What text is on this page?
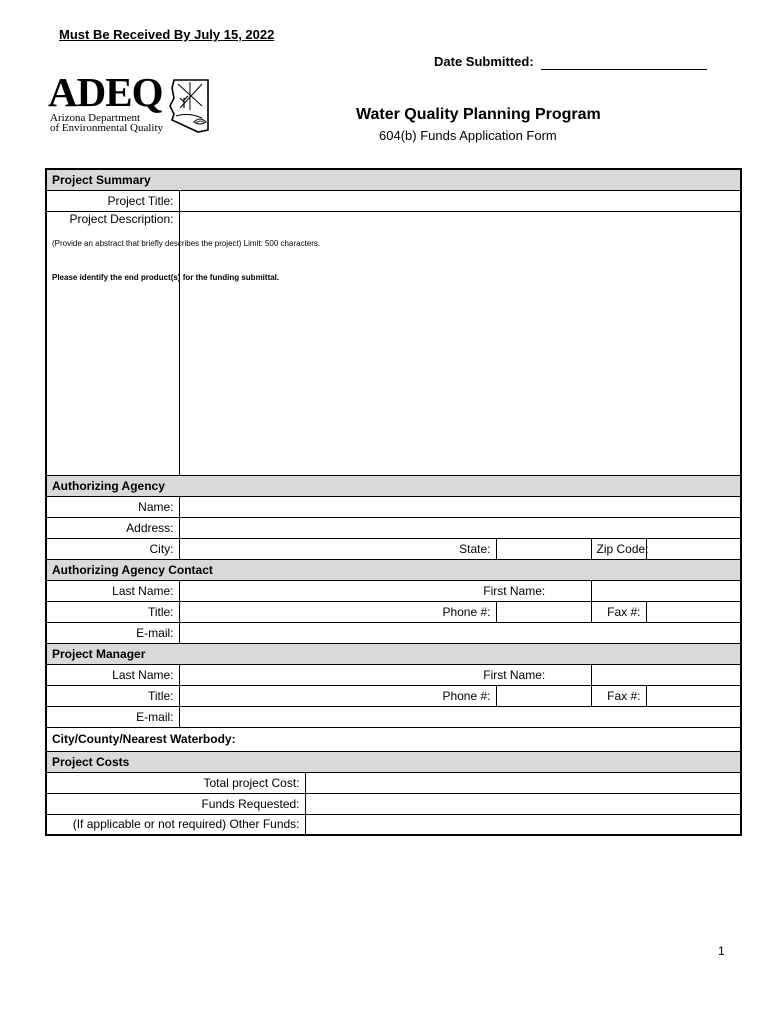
Must Be Received By July 15, 2022
Date Submitted:
ADEQ
Arizona Department
of Environmental Quality
Water Quality Planning Program
604(b) Funds Application Form
Project Summary							
Project Title:							

Project Description:
(Provide an abstract that briefly describes the project) Limit: 500 characters.
Please identify the end product(s) for the funding submittal.							

Authorizing Agency							
Name:							
Address:							
City:			State:			Zip Code:	
Authorizing Agency Contact							
Last Name:				First Name:			
Title:			Phone #:			Fax #:	
E-mail:							
Project Manager							
Last Name:				First Name:			
Title:			Phone #:			Fax #:	
E-mail:							
City/County/Nearest Waterbody:							
Project Costs							
Total project Cost:							
Funds Requested:							
(If applicable or not required) Other Funds:							
1
